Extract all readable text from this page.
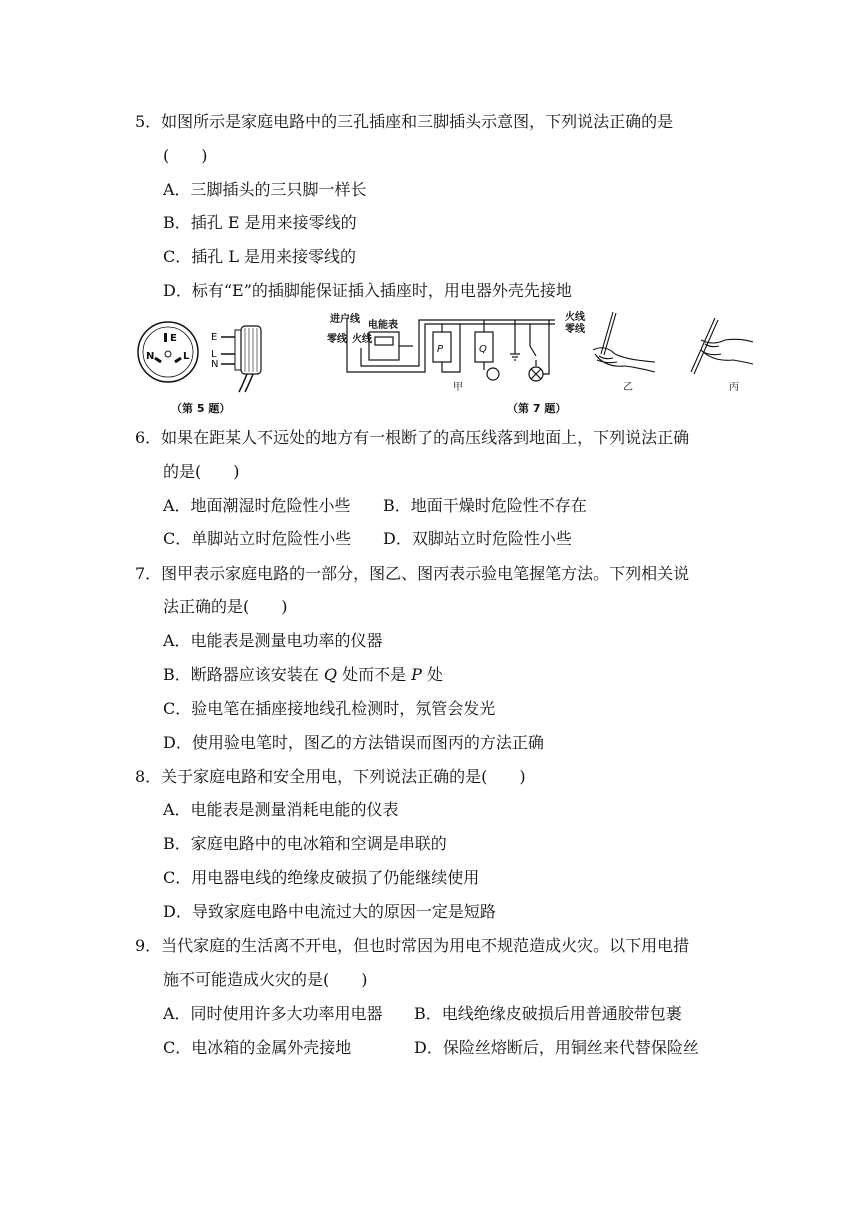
5．如图所示是家庭电路中的三孔插座和三脚插头示意图，下列说法正确的是
(　　)
A．三脚插头的三只脚一样长
B．插孔 E 是用来接零线的
C．插孔 L 是用来接零线的
D．标有“E”的插脚能保证插入插座时，用电器外壳先接地
E
N	L
E
L
N
进户线
电能表
零线 火线
火线
零线
P	Q
甲	乙	丙
（第 5 题）	（第 7 题）
6．如果在距某人不远处的地方有一根断了的高压线落到地面上，下列说法正确
的是(　　)
A．地面潮湿时危险性小些 B．地面干燥时危险性不存在
C．单脚站立时危险性小些 D．双脚站立时危险性小些
7．图甲表示家庭电路的一部分，图乙、图丙表示验电笔握笔方法。下列相关说
法正确的是(　　)
A．电能表是测量电功率的仪器
B．断路器应该安装在 Q 处而不是 P 处
C．验电笔在插座接地线孔检测时，氖管会发光
D．使用验电笔时，图乙的方法错误而图丙的方法正确
8．关于家庭电路和安全用电，下列说法正确的是(　　)
A．电能表是测量消耗电能的仪表
B．家庭电路中的电冰箱和空调是串联的
C．用电器电线的绝缘皮破损了仍能继续使用
D．导致家庭电路中电流过大的原因一定是短路
9．当代家庭的生活离不开电，但也时常因为用电不规范造成火灾。以下用电措
施不可能造成火灾的是(　　)
A．同时使用许多大功率用电器 B．电线绝缘皮破损后用普通胶带包裹
C．电冰箱的金属外壳接地	D．保险丝熔断后，用铜丝来代替保险丝
